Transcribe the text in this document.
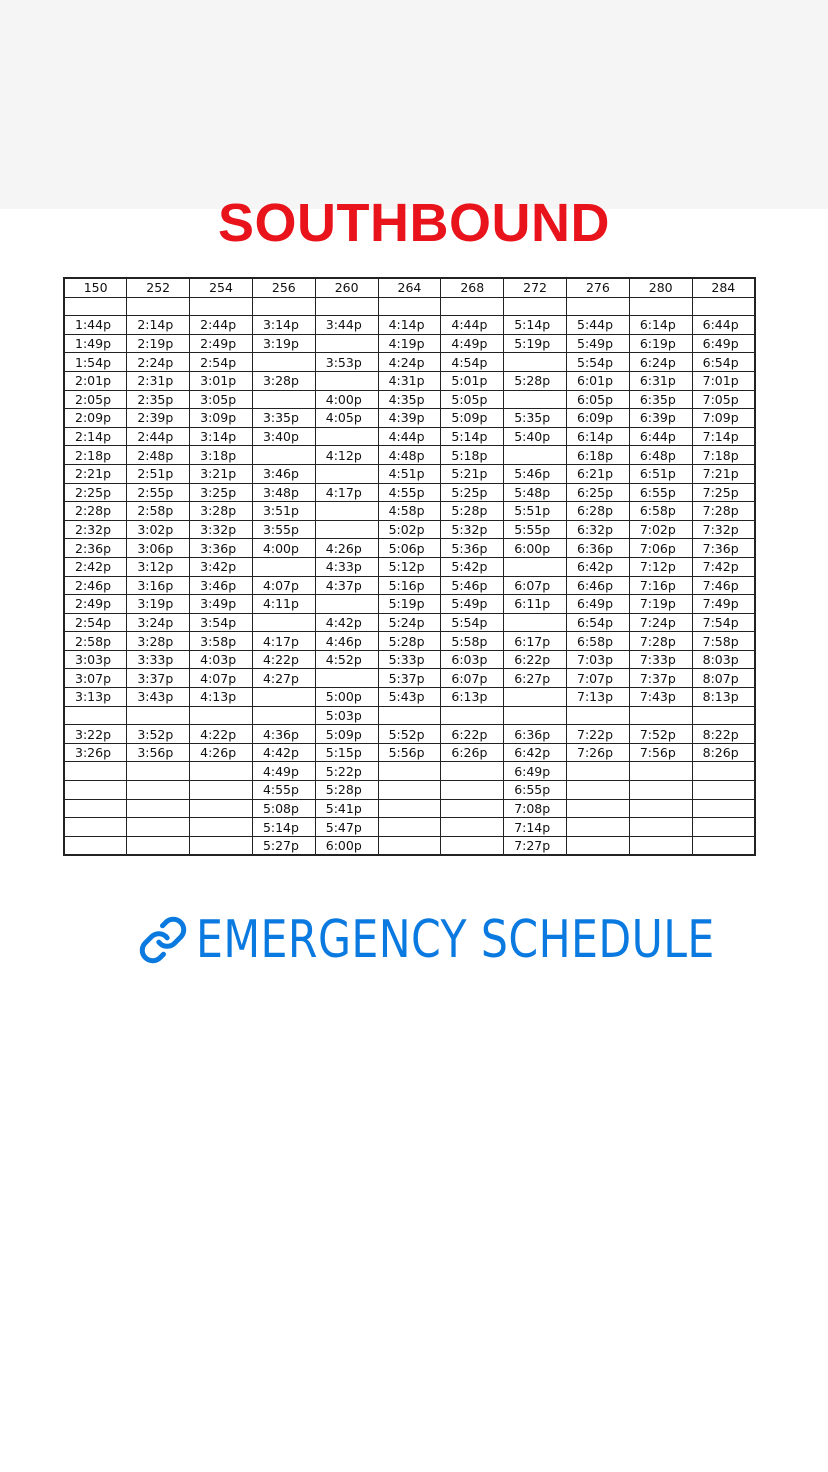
SOUTHBOUND
150	252	254	256	260	264	268	272	276	280	284

1:44p	2:14p	2:44p	3:14p	3:44p	4:14p	4:44p	5:14p	5:44p	6:14p	6:44p
1:49p	2:19p	2:49p	3:19p		4:19p	4:49p	5:19p	5:49p	6:19p	6:49p
1:54p	2:24p	2:54p		3:53p	4:24p	4:54p		5:54p	6:24p	6:54p
2:01p	2:31p	3:01p	3:28p		4:31p	5:01p	5:28p	6:01p	6:31p	7:01p
2:05p	2:35p	3:05p		4:00p	4:35p	5:05p		6:05p	6:35p	7:05p
2:09p	2:39p	3:09p	3:35p	4:05p	4:39p	5:09p	5:35p	6:09p	6:39p	7:09p
2:14p	2:44p	3:14p	3:40p		4:44p	5:14p	5:40p	6:14p	6:44p	7:14p
2:18p	2:48p	3:18p		4:12p	4:48p	5:18p		6:18p	6:48p	7:18p
2:21p	2:51p	3:21p	3:46p		4:51p	5:21p	5:46p	6:21p	6:51p	7:21p
2:25p	2:55p	3:25p	3:48p	4:17p	4:55p	5:25p	5:48p	6:25p	6:55p	7:25p
2:28p	2:58p	3:28p	3:51p		4:58p	5:28p	5:51p	6:28p	6:58p	7:28p
2:32p	3:02p	3:32p	3:55p		5:02p	5:32p	5:55p	6:32p	7:02p	7:32p
2:36p	3:06p	3:36p	4:00p	4:26p	5:06p	5:36p	6:00p	6:36p	7:06p	7:36p
2:42p	3:12p	3:42p		4:33p	5:12p	5:42p		6:42p	7:12p	7:42p
2:46p	3:16p	3:46p	4:07p	4:37p	5:16p	5:46p	6:07p	6:46p	7:16p	7:46p
2:49p	3:19p	3:49p	4:11p		5:19p	5:49p	6:11p	6:49p	7:19p	7:49p
2:54p	3:24p	3:54p		4:42p	5:24p	5:54p		6:54p	7:24p	7:54p
2:58p	3:28p	3:58p	4:17p	4:46p	5:28p	5:58p	6:17p	6:58p	7:28p	7:58p
3:03p	3:33p	4:03p	4:22p	4:52p	5:33p	6:03p	6:22p	7:03p	7:33p	8:03p
3:07p	3:37p	4:07p	4:27p		5:37p	6:07p	6:27p	7:07p	7:37p	8:07p
3:13p	3:43p	4:13p		5:00p	5:43p	6:13p		7:13p	7:43p	8:13p
				5:03p						
3:22p	3:52p	4:22p	4:36p	5:09p	5:52p	6:22p	6:36p	7:22p	7:52p	8:22p
3:26p	3:56p	4:26p	4:42p	5:15p	5:56p	6:26p	6:42p	7:26p	7:56p	8:26p
			4:49p	5:22p			6:49p			
			4:55p	5:28p			6:55p			
			5:08p	5:41p			7:08p			
			5:14p	5:47p			7:14p			
			5:27p	6:00p			7:27p			
EMERGENCY SCHEDULE
